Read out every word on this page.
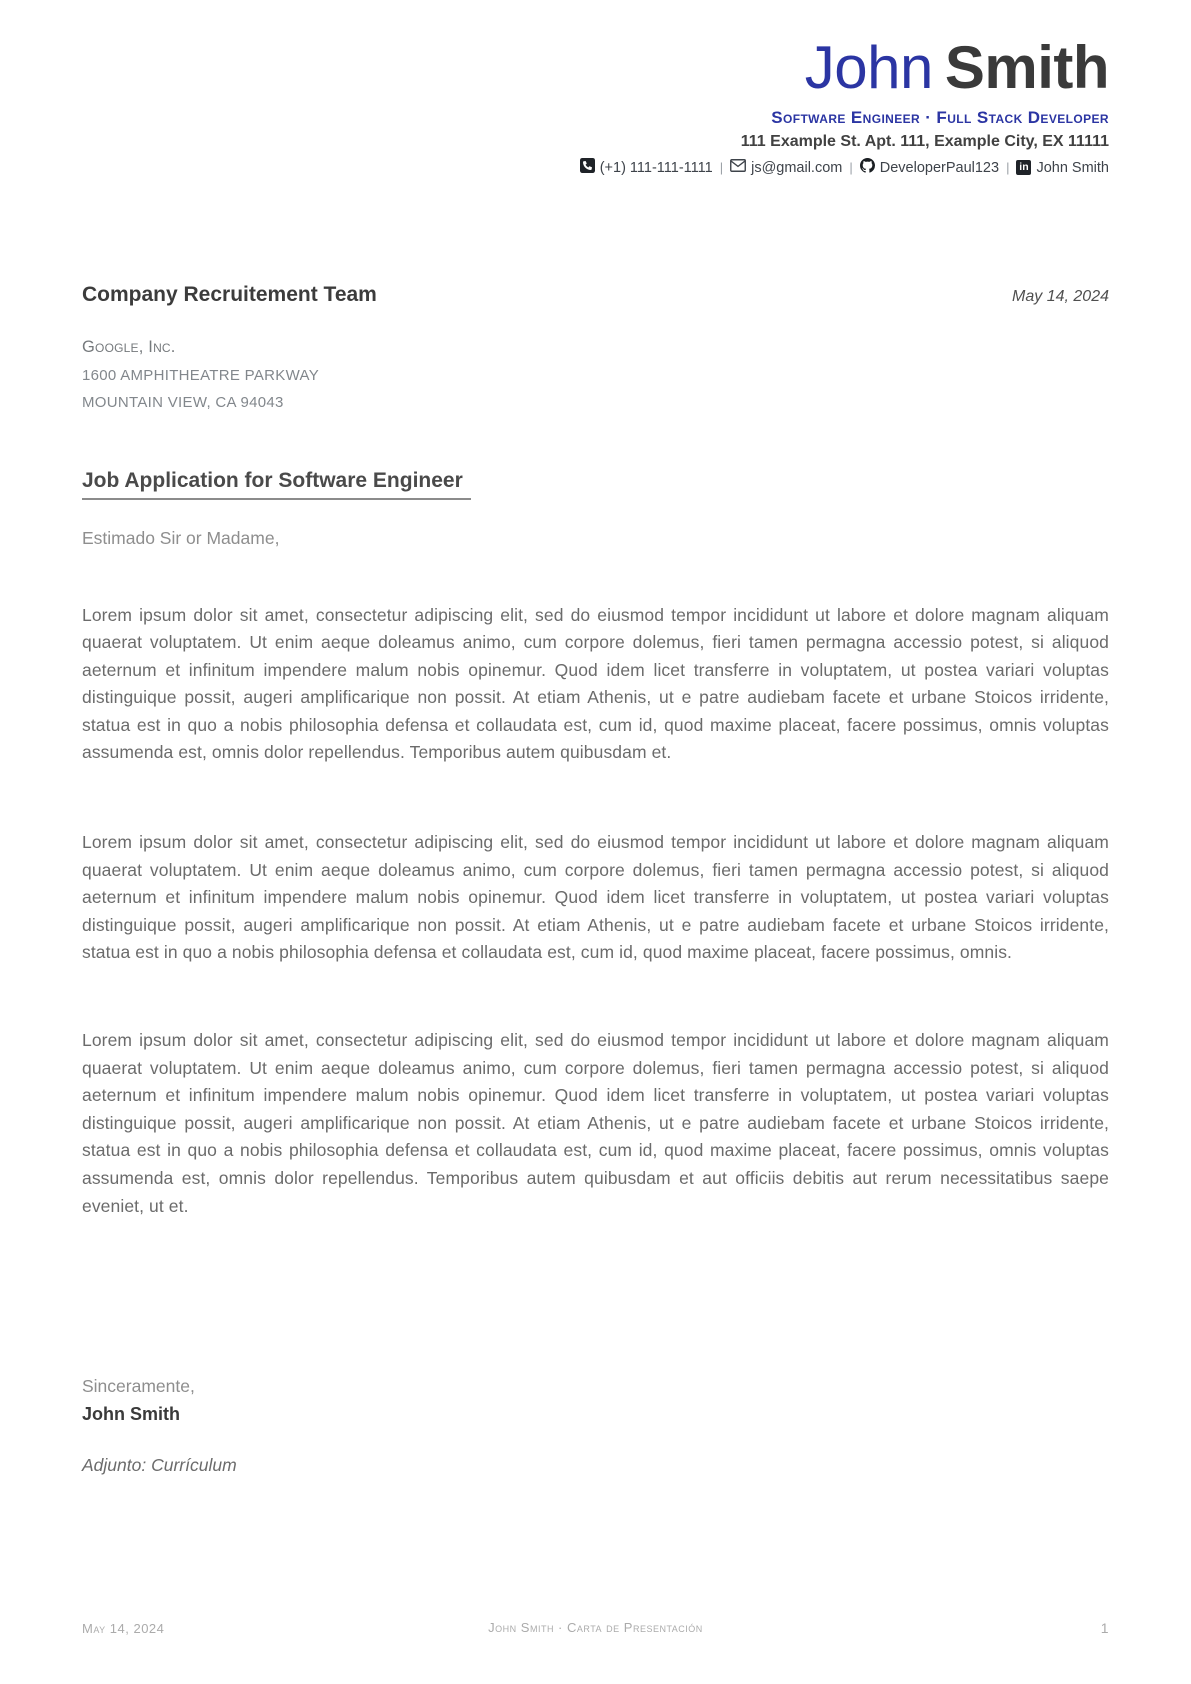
John Smith
Software Engineer · Full Stack Developer
111 Example St. Apt. 111, Example City, EX 11111
(+1) 111-111-1111 | js@gmail.com | DeveloperPaul123 | in John Smith
Company Recruitement Team	May 14, 2024
Google, Inc.
1600 AMPHITHEATRE PARKWAY
MOUNTAIN VIEW, CA 94043
Job Application for Software Engineer
Estimado Sir or Madame,

Lorem ipsum dolor sit amet, consectetur adipiscing elit, sed do eiusmod tempor incididunt ut labore et dolore magnam aliquam quaerat voluptatem. Ut enim aeque doleamus animo, cum corpore dolemus, fieri tamen permagna accessio potest, si aliquod aeternum et infinitum impendere malum nobis opinemur. Quod idem licet transferre in voluptatem, ut postea variari voluptas distinguique possit, augeri amplificarique non possit. At etiam Athenis, ut e patre audiebam facete et urbane Stoicos irridente, statua est in quo a nobis philosophia defensa et collaudata est, cum id, quod maxime placeat, facere possimus, omnis voluptas assumenda est, omnis dolor repellendus. Temporibus autem quibusdam et.

Lorem ipsum dolor sit amet, consectetur adipiscing elit, sed do eiusmod tempor incididunt ut labore et dolore magnam aliquam quaerat voluptatem. Ut enim aeque doleamus animo, cum corpore dolemus, fieri tamen permagna accessio potest, si aliquod aeternum et infinitum impendere malum nobis opinemur. Quod idem licet transferre in voluptatem, ut postea variari voluptas distinguique possit, augeri amplificarique non possit. At etiam Athenis, ut e patre audiebam facete et urbane Stoicos irridente, statua est in quo a nobis philosophia defensa et collaudata est, cum id, quod maxime placeat, facere possimus, omnis.

Lorem ipsum dolor sit amet, consectetur adipiscing elit, sed do eiusmod tempor incididunt ut labore et dolore magnam aliquam quaerat voluptatem. Ut enim aeque doleamus animo, cum corpore dolemus, fieri tamen permagna accessio potest, si aliquod aeternum et infinitum impendere malum nobis opinemur. Quod idem licet transferre in voluptatem, ut postea variari voluptas distinguique possit, augeri amplificarique non possit. At etiam Athenis, ut e patre audiebam facete et urbane Stoicos irridente, statua est in quo a nobis philosophia defensa et collaudata est, cum id, quod maxime placeat, facere possimus, omnis voluptas assumenda est, omnis dolor repellendus. Temporibus autem quibusdam et aut officiis debitis aut rerum necessitatibus saepe eveniet, ut et.

Sinceramente,
John Smith
Adjunto: Currículum
May 14, 2024	John Smith · Carta de Presentación	1
